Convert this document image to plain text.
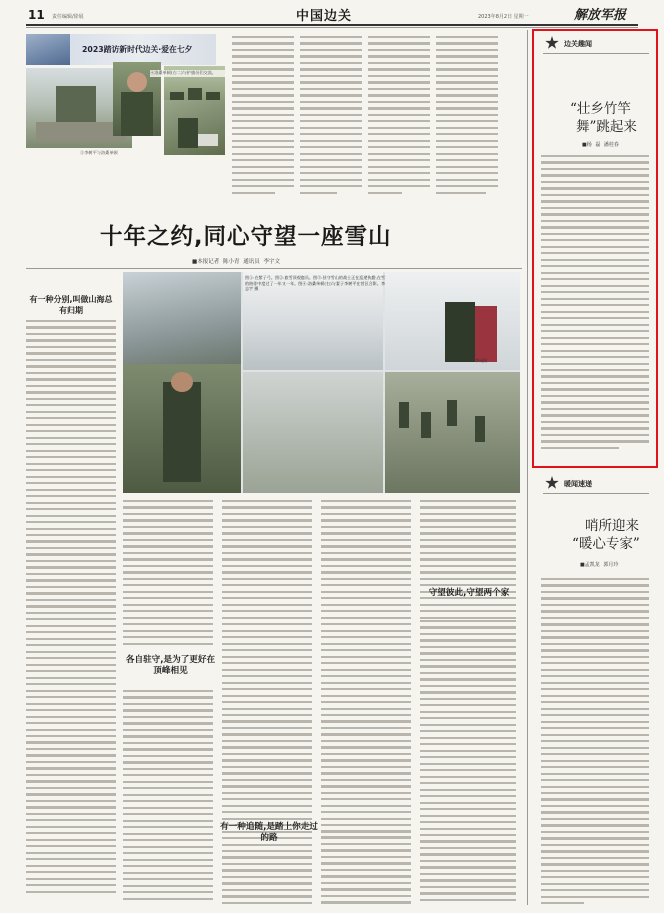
11 责任编辑/徐展	中国边关	2023年8月2日 星期一	解放军报
2023踏访新时代边关·爱在七夕
⑤李树平与洛桑单顿
④洛桑单顿(右二)与护旗员们交流。
十年之约,同心守望一座雪山
■本报记者 陈小青 通讯员 李宇文
有一种分别,叫做山海总有归期
图①:在紫子弓。图②:旅雪顶观鹿员。图③:驻守雪山的战士正在巡逻执勤,在雪的陪伴中度过了一年又一年。图④:洛桑单顿(右)与妻子李树平在营区合影。李志宇 摄
李诚摄
各自驻守,是为了更好在顶峰相见
有一种追随,是踏上你走过的路
守望彼此,守望两个家
边关趣闻
“壮乡竹竿
舞”跳起来
■杨 磊 潘桂春
暖闻速递
哨所迎来
“暖心专家”
■孟凯龙 郭月玲
